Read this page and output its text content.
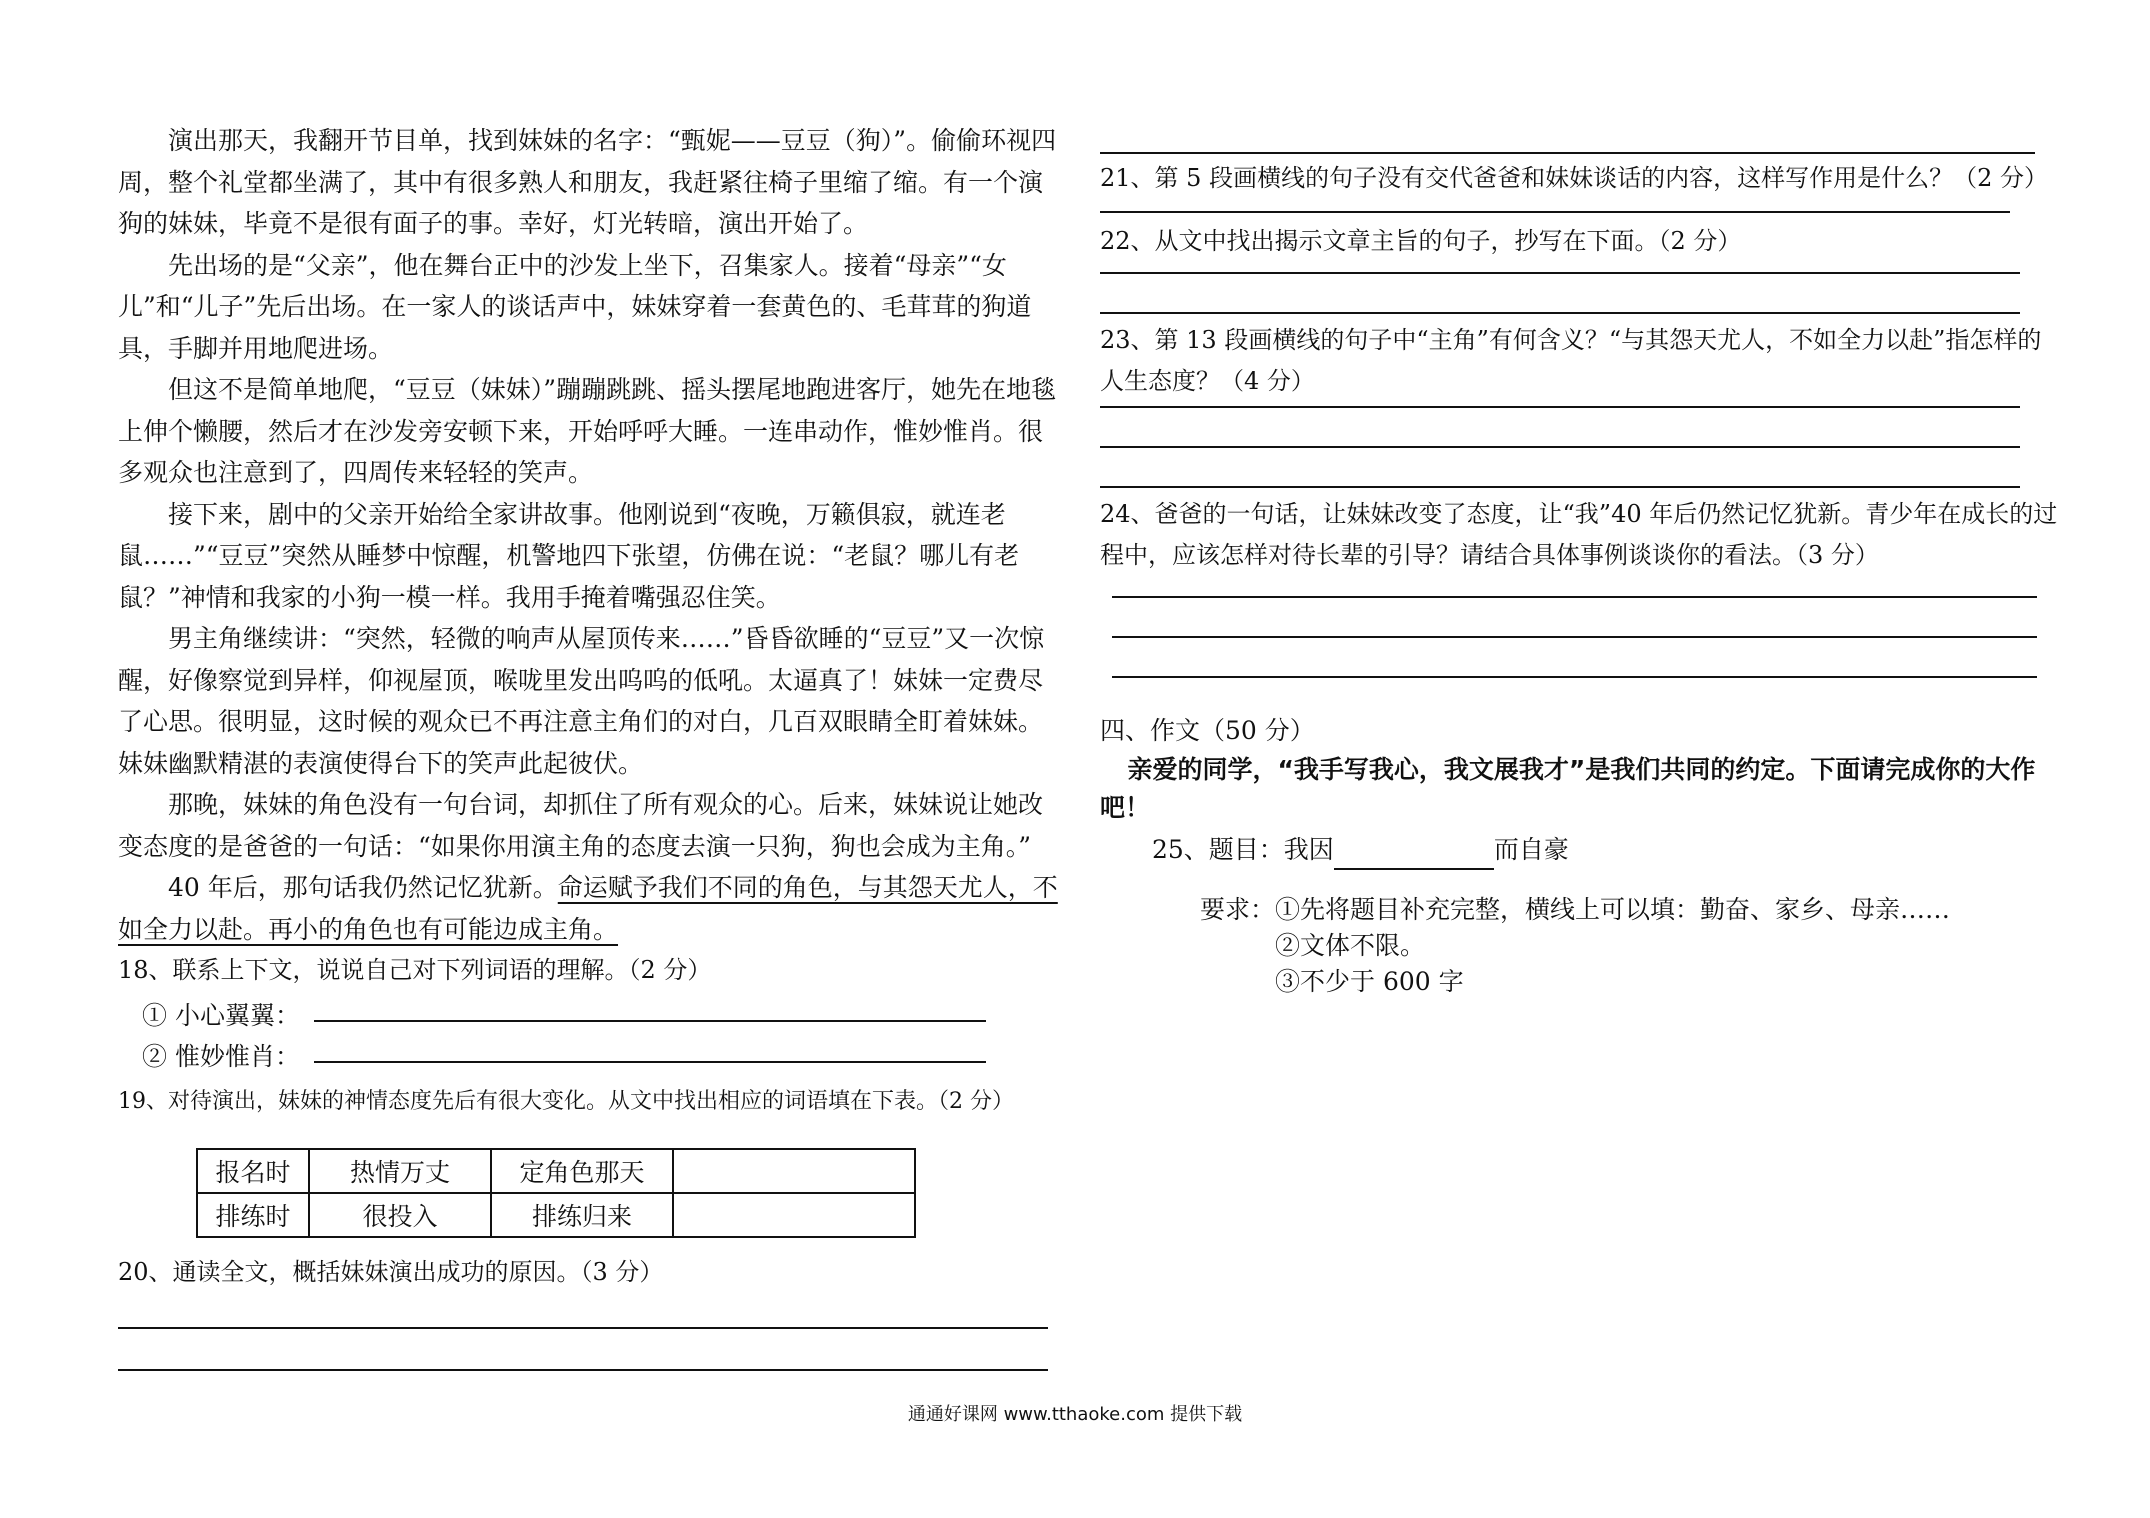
演出那天，我翻开节目单，找到妹妹的名字：“甄妮——豆豆（狗）”。偷偷环视四周，整个礼堂都坐满了，其中有很多熟人和朋友，我赶紧往椅子里缩了缩。有一个演狗的妹妹，毕竟不是很有面子的事。幸好，灯光转暗，演出开始了。

先出场的是“父亲”，他在舞台正中的沙发上坐下，召集家人。接着“母亲”“女儿”和“儿子”先后出场。在一家人的谈话声中，妹妹穿着一套黄色的、毛茸茸的狗道具，手脚并用地爬进场。

但这不是简单地爬，“豆豆（妹妹）”蹦蹦跳跳、摇头摆尾地跑进客厅，她先在地毯上伸个懒腰，然后才在沙发旁安顿下来，开始呼呼大睡。一连串动作，惟妙惟肖。很多观众也注意到了，四周传来轻轻的笑声。

接下来，剧中的父亲开始给全家讲故事。他刚说到“夜晚，万籁俱寂，就连老鼠……”“豆豆”突然从睡梦中惊醒，机警地四下张望，仿佛在说：“老鼠？哪儿有老鼠？”神情和我家的小狗一模一样。我用手掩着嘴强忍住笑。

男主角继续讲：“突然，轻微的响声从屋顶传来……”昏昏欲睡的“豆豆”又一次惊醒，好像察觉到异样，仰视屋顶，喉咙里发出呜呜的低吼。太逼真了！妹妹一定费尽了心思。很明显，这时候的观众已不再注意主角们的对白，几百双眼睛全盯着妹妹。妹妹幽默精湛的表演使得台下的笑声此起彼伏。

那晚，妹妹的角色没有一句台词，却抓住了所有观众的心。后来，妹妹说让她改变态度的是爸爸的一句话：“如果你用演主角的态度去演一只狗，狗也会成为主角。”

40 年后，那句话我仍然记忆犹新。命运赋予我们不同的角色，与其怨天尤人，不如全力以赴。再小的角色也有可能边成主角。

18、联系上下文，说说自己对下列词语的理解。（2 分）

① 小心翼翼：
② 惟妙惟肖：

19、对待演出，妹妹的神情态度先后有很大变化。从文中找出相应的词语填在下表。（2 分）

报名时	热情万丈	定角色那天	
排练时	很投入	排练归来	

20、通读全文，概括妹妹演出成功的原因。（3 分）

21、第 5 段画横线的句子没有交代爸爸和妹妹谈话的内容，这样写作用是什么？（2 分）

22、从文中找出揭示文章主旨的句子，抄写在下面。（2 分）

23、第 13 段画横线的句子中“主角”有何含义？“与其怨天尤人，不如全力以赴”指怎样的人生态度？（4 分）

24、爸爸的一句话，让妹妹改变了态度，让“我”40 年后仍然记忆犹新。青少年在成长的过程中，应该怎样对待长辈的引导？请结合具体事例谈谈你的看法。（3 分）

四、作文（50 分）

亲爱的同学，“我手写我心，我文展我才”是我们共同的约定。下面请完成你的大作吧！

25、题目：我因	而自豪

要求：①先将题目补充完整，横线上可以填：勤奋、家乡、母亲……
②文体不限。
③不少于 600 字
通通好课网 www.tthaoke.com 提供下载
